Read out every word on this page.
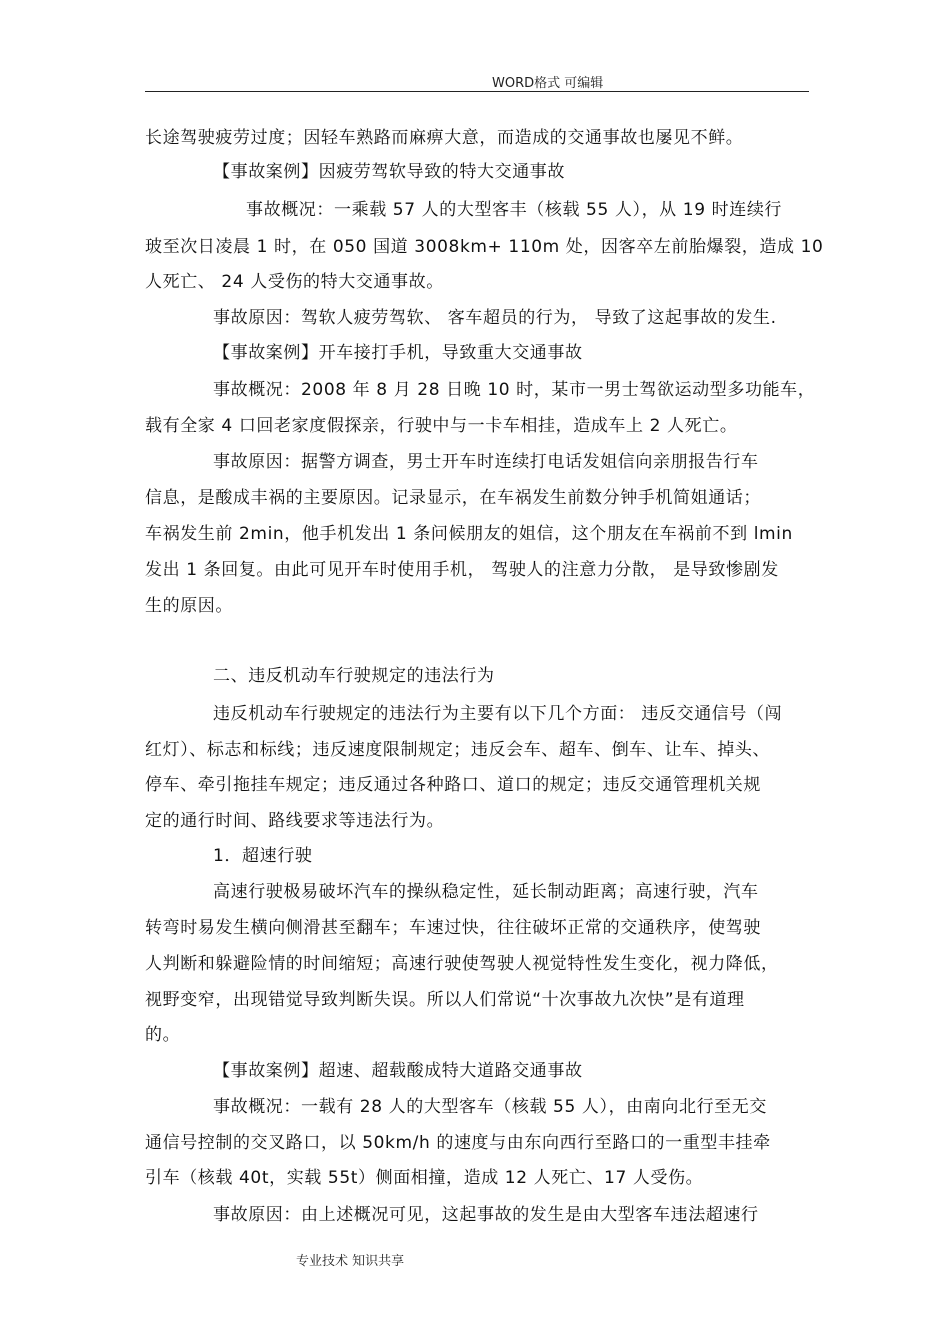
WORD格式 可编辑
长途驾驶疲劳过度；因轻车熟路而麻痹大意，而造成的交通事故也屡见不鲜。
【事故案例】因疲劳驾软导致的特大交通事故
事故概况：一乘载 57 人的大型客丰（核载 55 人），从 19 时连续行
玻至次日凌晨 1 时，在 050 国道 3008km+ 110m 处，因客卒左前胎爆裂，造成 10
人死亡、 24 人受伤的特大交通事故。
事故原因：驾软人疲劳驾软、 客车超员的行为， 导致了这起事故的发生.
【事故案例】开车接打手机，导致重大交通事故
事故概况：2008 年 8 月 28 日晚 10 时，某市一男士驾欲运动型多功能车，
载有全家 4 口回老家度假探亲，行驶中与一卡车相挂，造成车上 2 人死亡。
事故原因：据警方调查，男士开车时连续打电话发姐信向亲朋报告行车
信息，是酸成丰祸的主要原因。记录显示，在车祸发生前数分钟手机简姐通话；
车祸发生前 2min，他手机发出 1 条问候朋友的姐信，这个朋友在车祸前不到 lmin
发出 1 条回复。由此可见开车时使用手机， 驾驶人的注意力分散， 是导致惨剧发
生的原因。
二、违反机动车行驶规定的违法行为
违反机动车行驶规定的违法行为主要有以下几个方面： 违反交通信号（闯
红灯）、标志和标线；违反速度限制规定；违反会车、超车、倒车、让车、掉头、
停车、牵引拖挂车规定；违反通过各种路口、道口的规定；违反交通管理机关规
定的通行时间、路线要求等违法行为。
1．超速行驶
高速行驶极易破坏汽车的操纵稳定性，延长制动距离；高速行驶，汽车
转弯时易发生横向侧滑甚至翻车；车速过快，往往破坏正常的交通秩序，使驾驶
人判断和躲避险情的时间缩短；高速行驶使驾驶人视觉特性发生变化，视力降低，
视野变窄，出现错觉导致判断失误。所以人们常说“十次事故九次快”是有道理
的。
【事故案例】超速、超载酸成特大道路交通事故
事故概况：一载有 28 人的大型客车（核载 55 人），由南向北行至无交
通信号控制的交叉路口，以 50km/h 的速度与由东向西行至路口的一重型丰挂牵
引车（核载 40t，实载 55t）侧面相撞，造成 12 人死亡、17 人受伤。
事故原因：由上述概况可见，这起事故的发生是由大型客车违法超速行
专业技术 知识共享
